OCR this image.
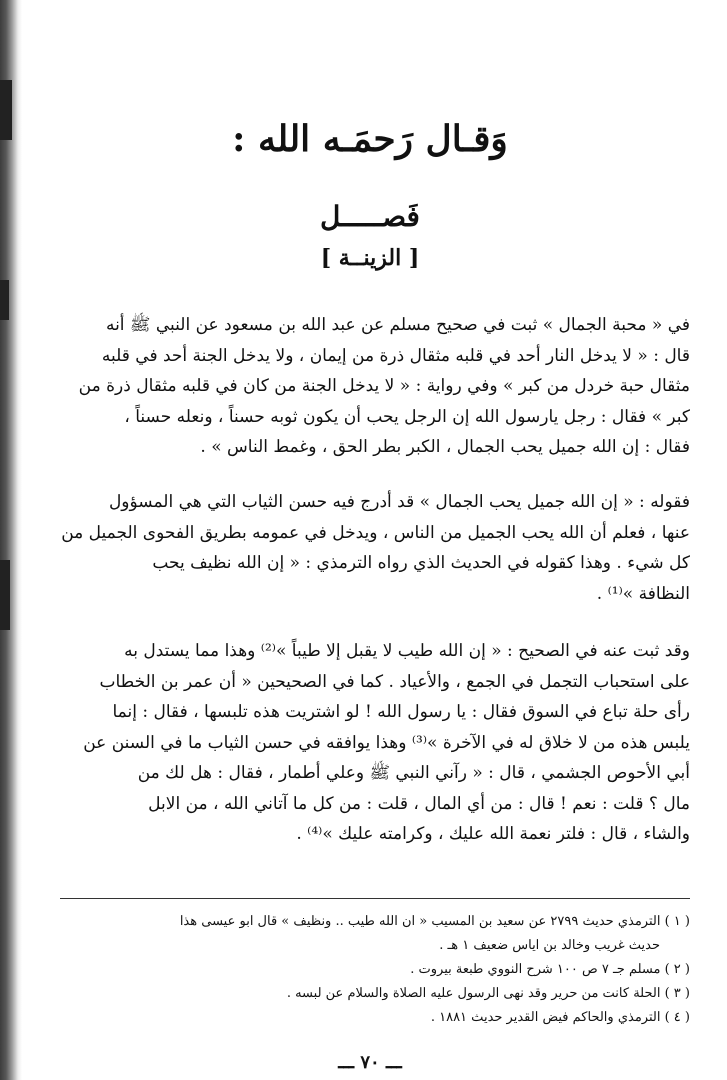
وَقـال رَحمَـه الله :
فَصـــــل
[ الزينــة ]
في « محبة الجمال » ثبت في صحيح مسلم عن عبد الله بن مسعود عن النبي ﷺ أنه
قال : « لا يدخل النار أحد في قلبه مثقال ذرة من إيمان ، ولا يدخل الجنة أحد في قلبه
مثقال حبة خردل من كبر » وفي رواية : « لا يدخل الجنة من كان في قلبه مثقال ذرة من
كبر » فقال : رجل يارسول الله إن الرجل يحب أن يكون ثوبه حسناً ، ونعله حسناً ،
فقال : إن الله جميل يحب الجمال ، الكبر بطر الحق ، وغمط الناس » .
فقوله : « إن الله جميل يحب الجمال » قد أدرج فيه حسن الثياب التي هي المسؤول
عنها ، فعلم أن الله يحب الجميل من الناس ، ويدخل في عمومه بطريق الفحوى الجميل من
كل شيء . وهذا كقوله في الحديث الذي رواه الترمذي : « إن الله نظيف يحب
النظافة »⁽¹⁾ .
وقد ثبت عنه في الصحيح : « إن الله طيب لا يقبل إلا طيباً »⁽²⁾ وهذا مما يستدل به
على استحباب التجمل في الجمع ، والأعياد . كما في الصحيحين « أن عمر بن الخطاب
رأى حلة تباع في السوق فقال : يا رسول الله ! لو اشتريت هذه تلبسها ، فقال : إنما
يلبس هذه من لا خلاق له في الآخرة »⁽³⁾ وهذا يوافقه في حسن الثياب ما في السنن عن
أبي الأحوص الجشمي ، قال : « رآني النبي ﷺ وعلي أطمار ، فقال : هل لك من
مال ؟ قلت : نعم ! قال : من أي المال ، قلت : من كل ما آتاني الله ، من الابل
والشاء ، قال : فلتر نعمة الله عليك ، وكرامته عليك »⁽⁴⁾ .
( ١ ) الترمذي حديث ٢٧٩٩ عن سعيد بن المسيب « ان الله طيب .. ونظيف » قال ابو عيسى هذا
حديث غريب وخالد بن اياس ضعيف ١ هـ .
( ٢ ) مسلم جـ ٧ ص ١٠٠ شرح النووي طبعة بيروت .
( ٣ ) الحلة كانت من حرير وقد نهى الرسول عليه الصلاة والسلام عن لبسه .
( ٤ ) الترمذي والحاكم فيض القدير حديث ١٨٨١ .
ـــ ٧٠ ـــ
